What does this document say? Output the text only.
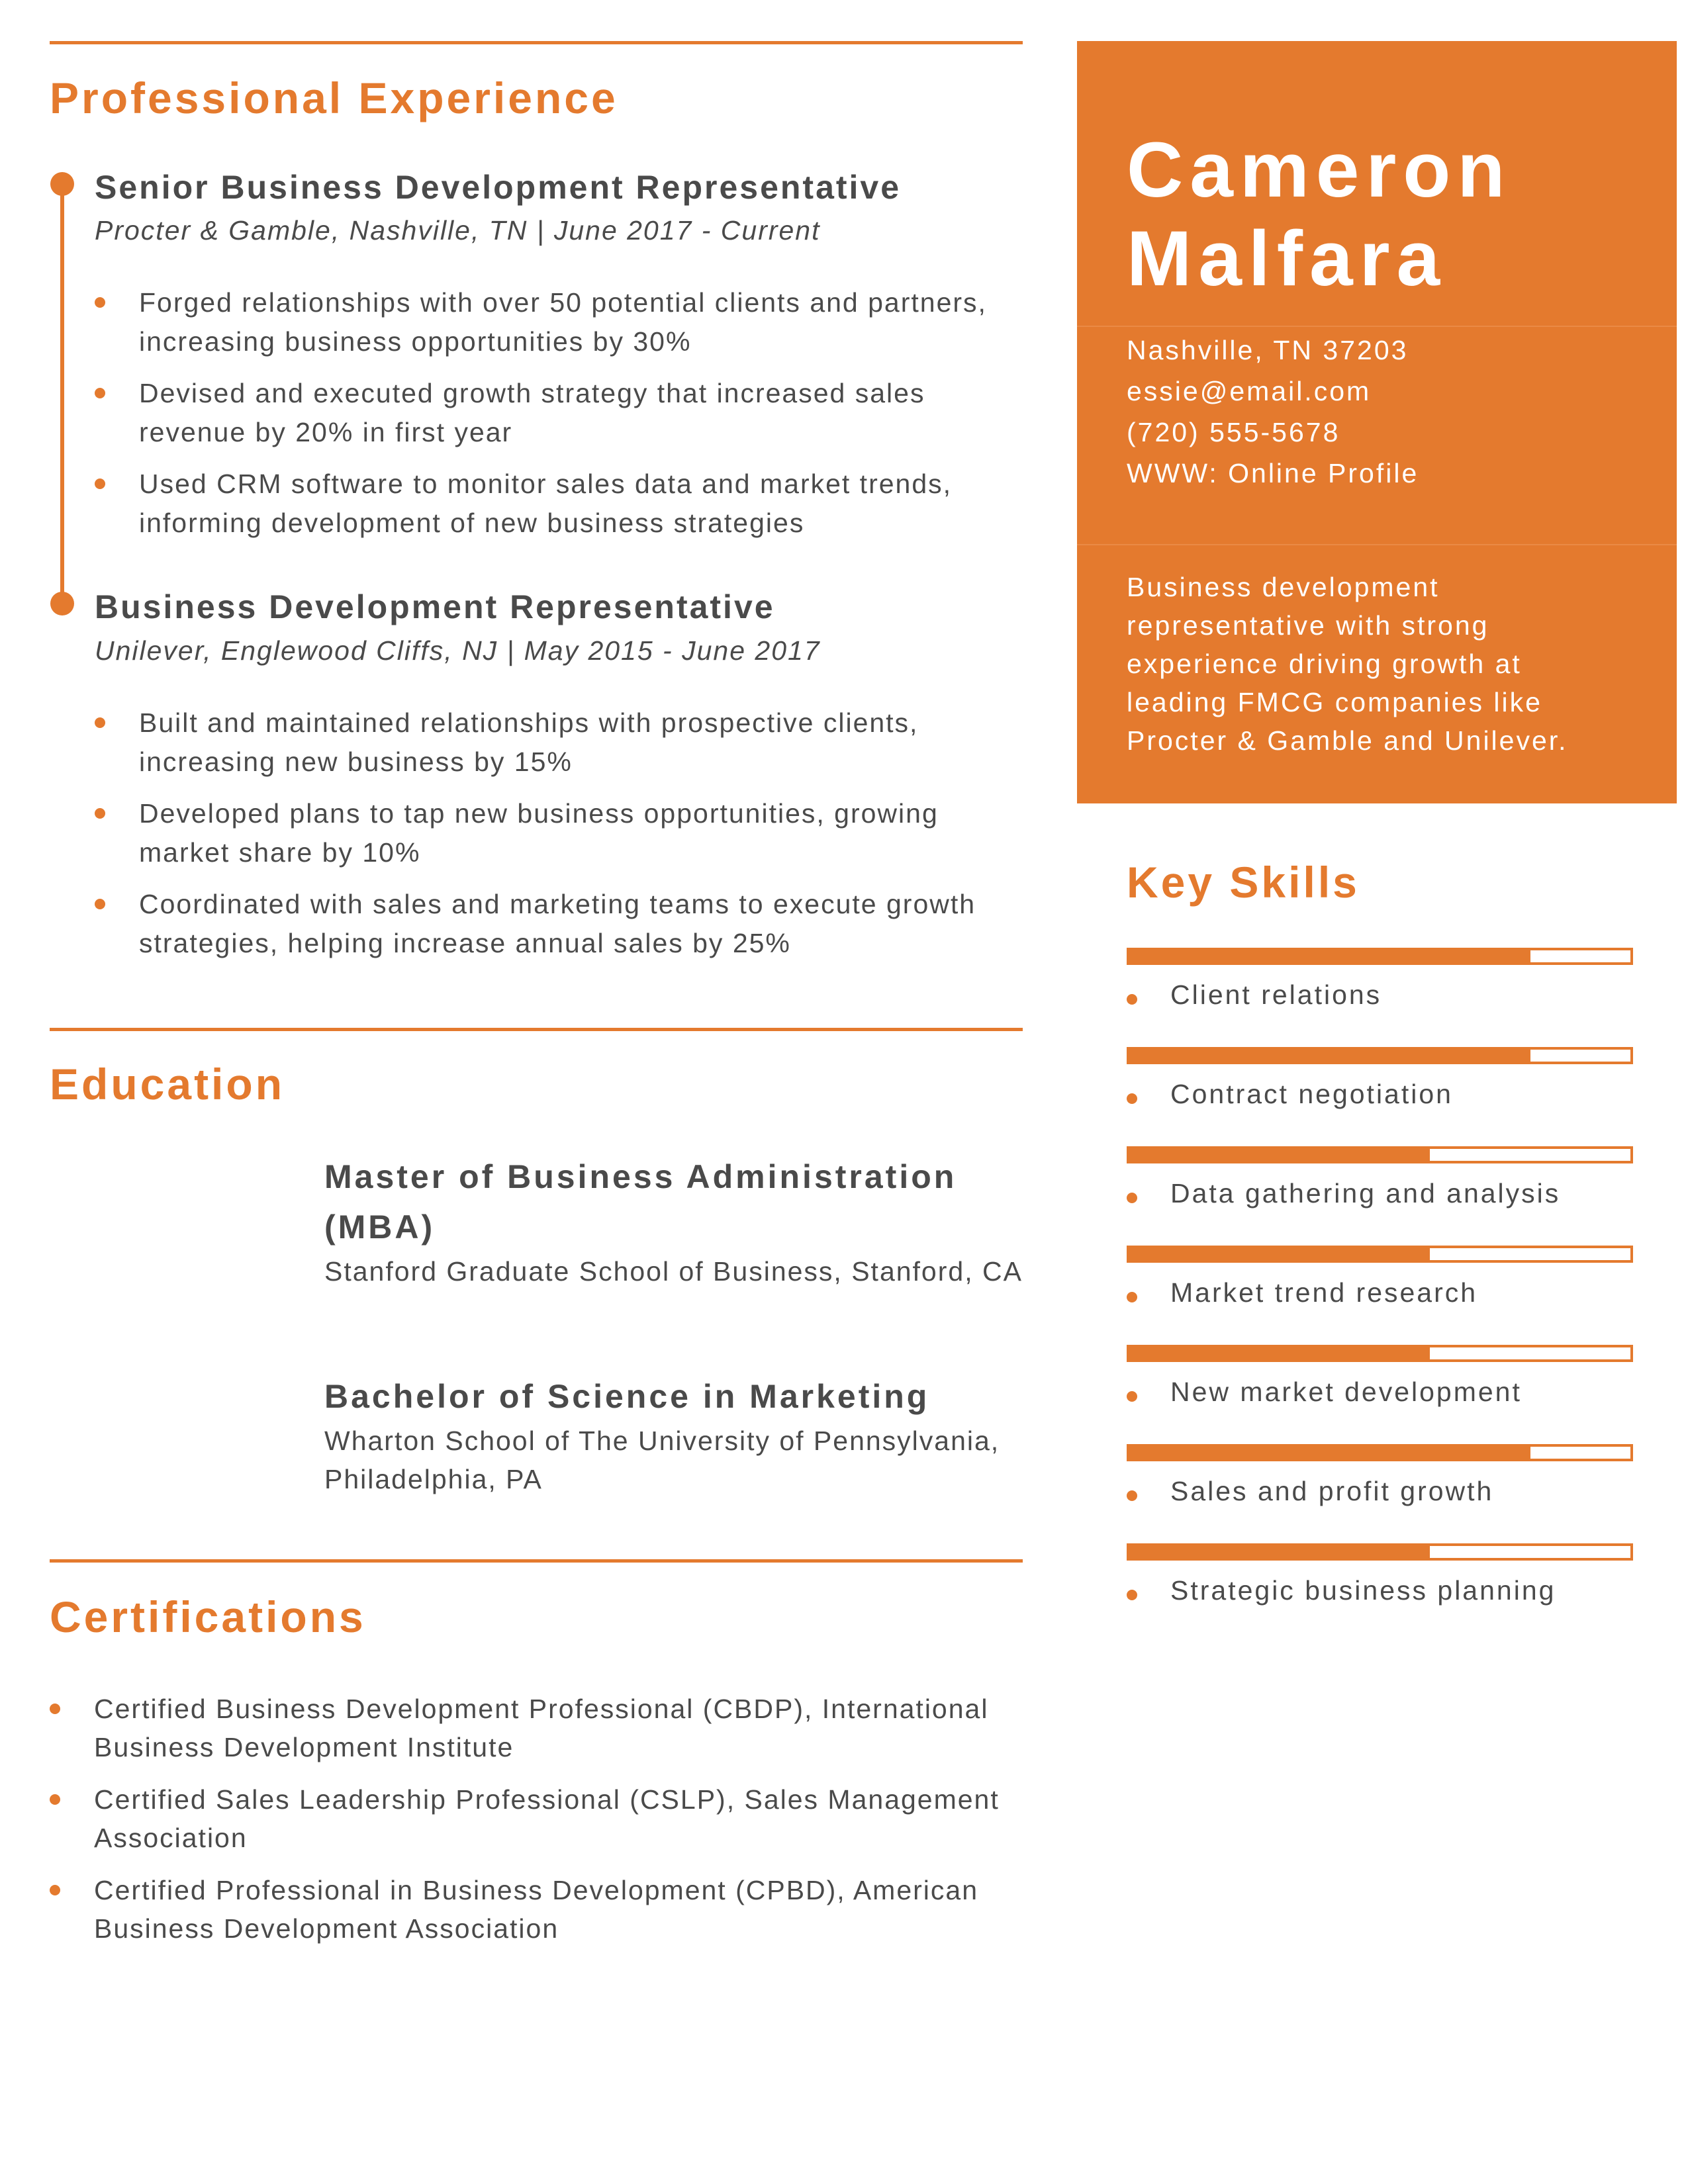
Professional Experience
Senior Business Development Representative
Procter & Gamble, Nashville, TN | June 2017 - Current
Forged relationships with over 50 potential clients and partners, increasing business opportunities by 30%
Devised and executed growth strategy that increased sales revenue by 20% in first year
Used CRM software to monitor sales data and market trends, informing development of new business strategies
Business Development Representative
Unilever, Englewood Cliffs, NJ | May 2015 - June 2017
Built and maintained relationships with prospective clients, increasing new business by 15%
Developed plans to tap new business opportunities, growing market share by 10%
Coordinated with sales and marketing teams to execute growth strategies, helping increase annual sales by 25%
Education
Master of Business Administration (MBA)
Stanford Graduate School of Business, Stanford, CA
Bachelor of Science in Marketing
Wharton School of The University of Pennsylvania, Philadelphia, PA
Certifications
Certified Business Development Professional (CBDP), International Business Development Institute
Certified Sales Leadership Professional (CSLP), Sales Management Association
Certified Professional in Business Development (CPBD), American Business Development Association
Cameron
Malfara
Nashville, TN 37203
essie@email.com
(720) 555-5678
WWW: Online Profile

Business development representative with strong experience driving growth at leading FMCG companies like Procter & Gamble and Unilever.

Key Skills
Client relations
Contract negotiation
Data gathering and analysis
Market trend research
New market development
Sales and profit growth
Strategic business planning
